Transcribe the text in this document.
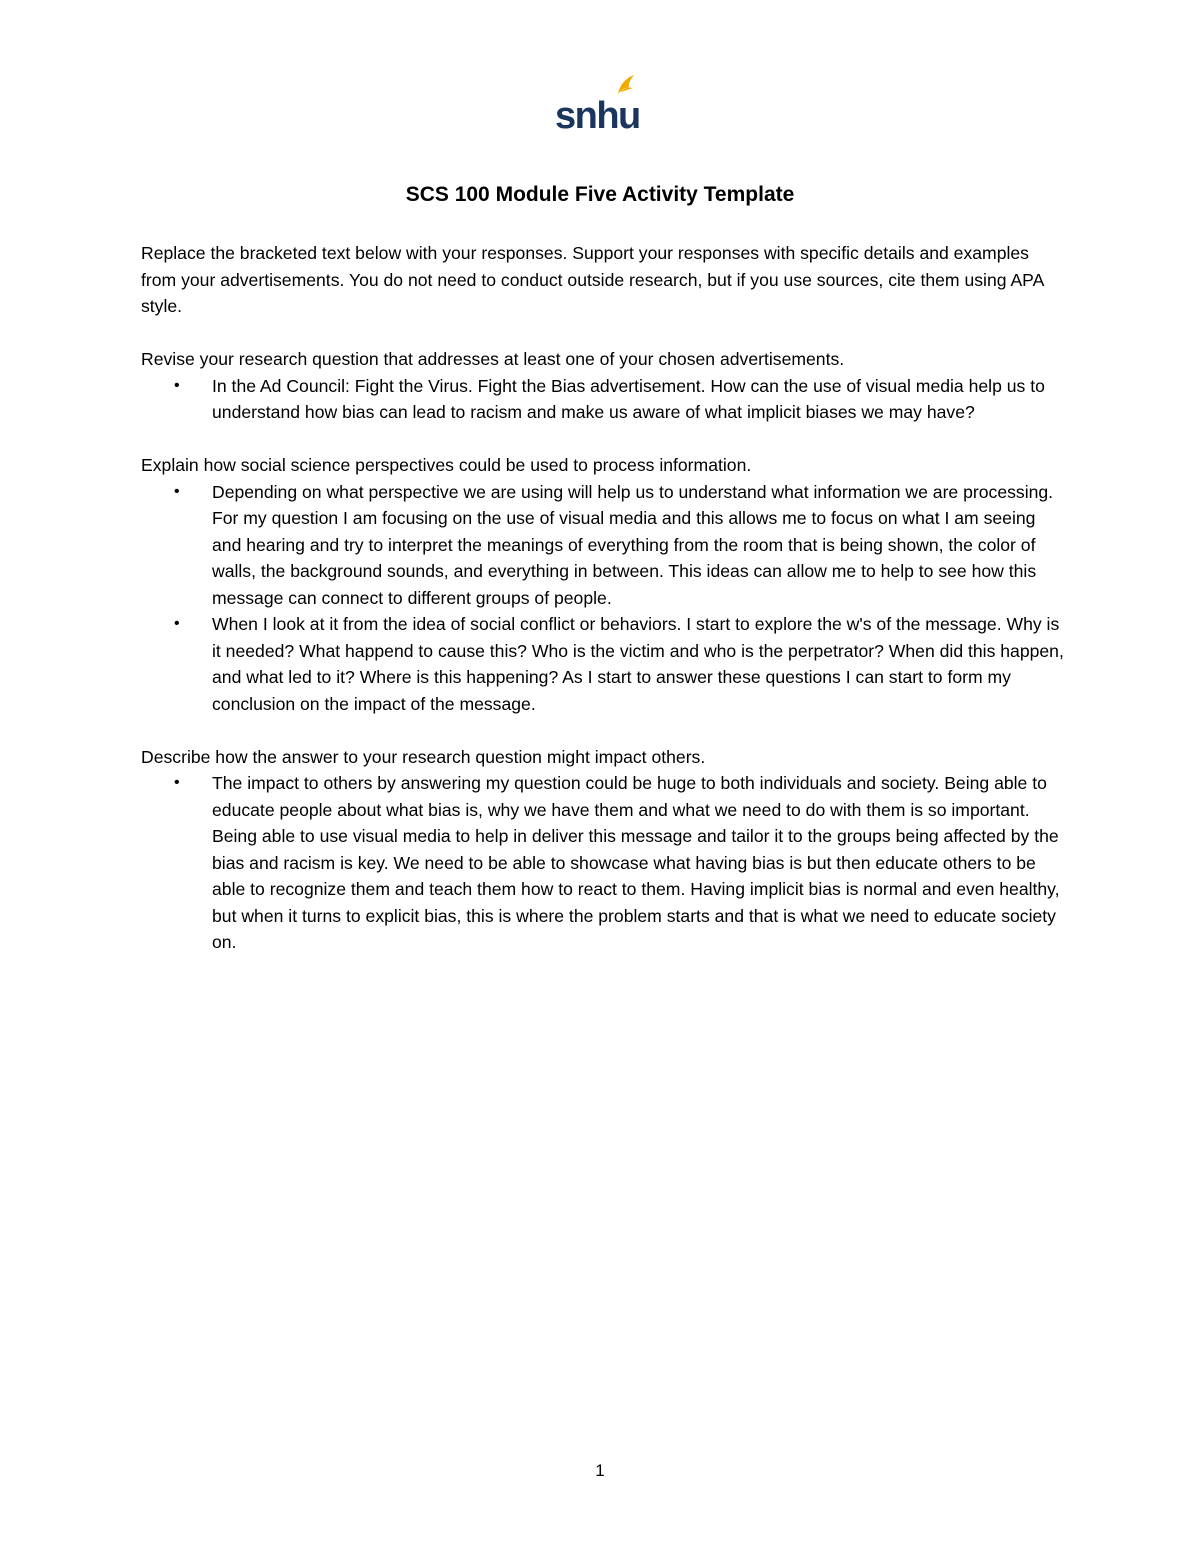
snhu
SCS 100 Module Five Activity Template

Replace the bracketed text below with your responses. Support your responses with specific details and examples from your advertisements. You do not need to conduct outside research, but if you use sources, cite them using APA style.

Revise your research question that addresses at least one of your chosen advertisements.

• In the Ad Council: Fight the Virus. Fight the Bias advertisement. How can the use of visual media help us to understand how bias can lead to racism and make us aware of what implicit biases we may have?

Explain how social science perspectives could be used to process information.

• Depending on what perspective we are using will help us to understand what information we are processing. For my question I am focusing on the use of visual media and this allows me to focus on what I am seeing and hearing and try to interpret the meanings of everything from the room that is being shown, the color of walls, the background sounds, and everything in between. This ideas can allow me to help to see how this message can connect to different groups of people.
• When I look at it from the idea of social conflict or behaviors. I start to explore the w's of the message. Why is it needed? What happend to cause this? Who is the victim and who is the perpetrator? When did this happen, and what led to it? Where is this happening? As I start to answer these questions I can start to form my conclusion on the impact of the message.

Describe how the answer to your research question might impact others.

• The impact to others by answering my question could be huge to both individuals and society. Being able to educate people about what bias is, why we have them and what we need to do with them is so important. Being able to use visual media to help in deliver this message and tailor it to the groups being affected by the bias and racism is key. We need to be able to showcase what having bias is but then educate others to be able to recognize them and teach them how to react to them. Having implicit bias is normal and even healthy, but when it turns to explicit bias, this is where the problem starts and that is what we need to educate society on.
1
